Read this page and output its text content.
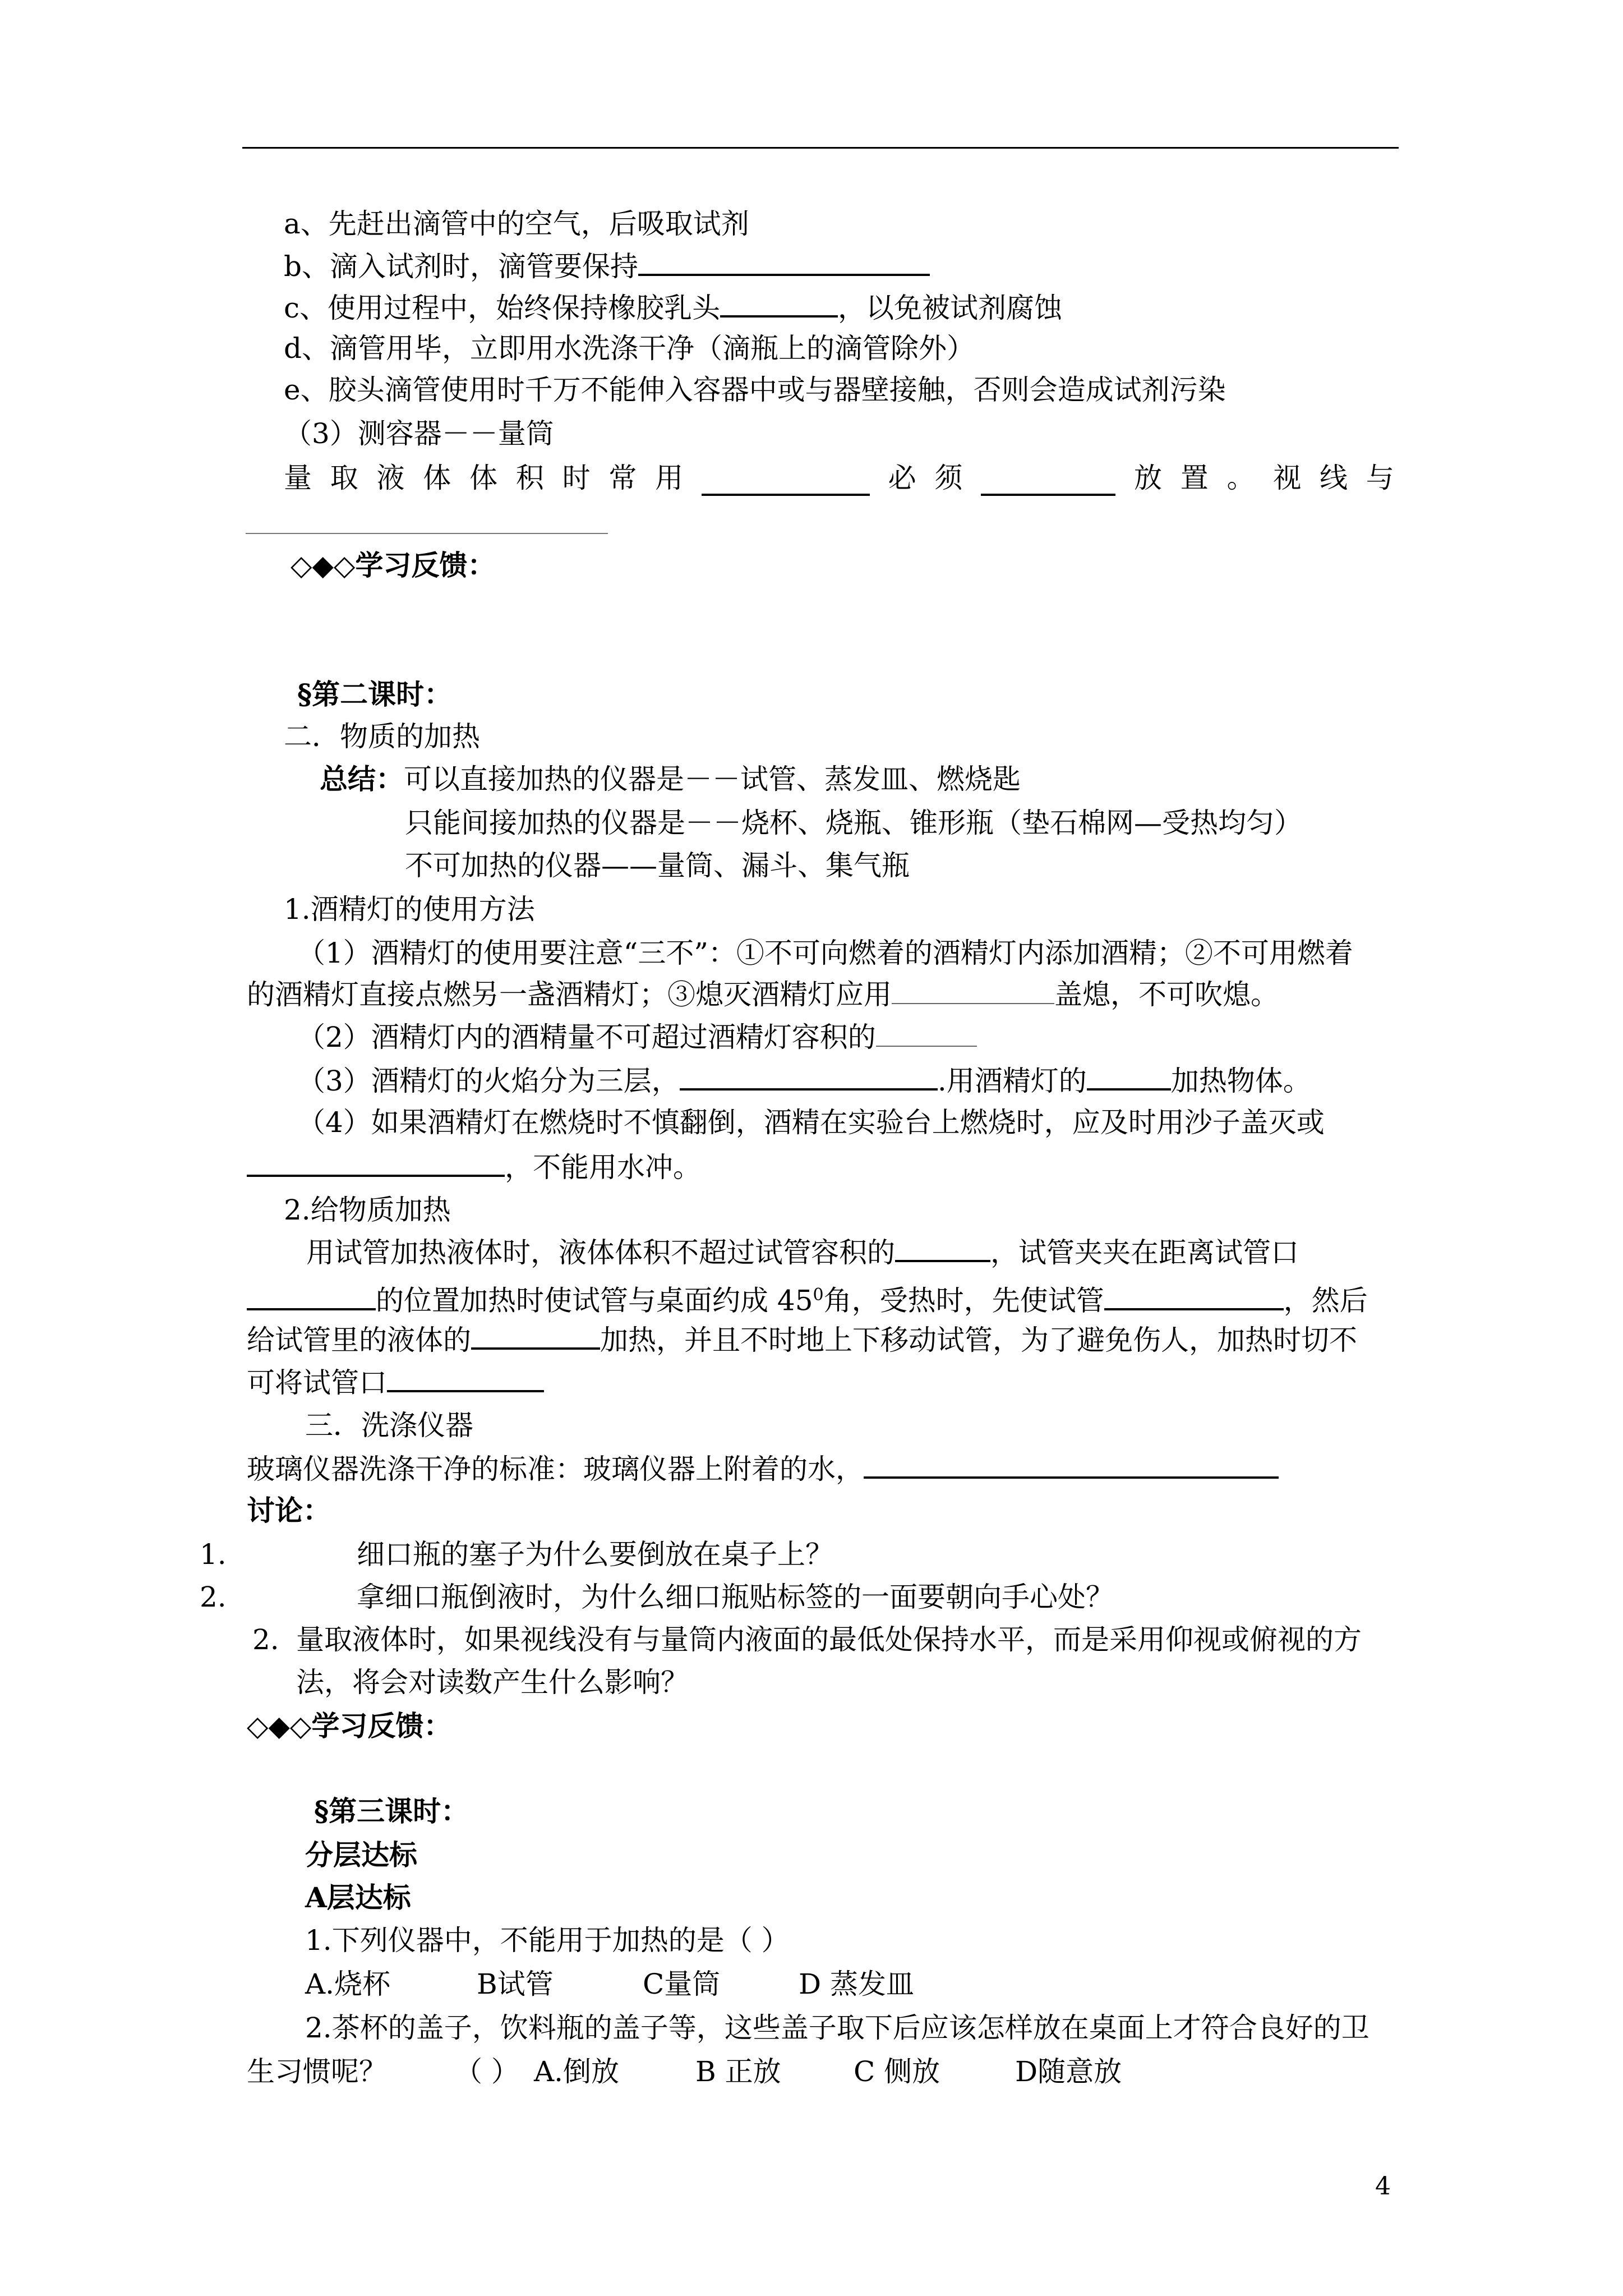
a、先赶出滴管中的空气，后吸取试剂
b、滴入试剂时，滴管要保持
c、使用过程中，始终保持橡胶乳头	，以免被试剂腐蚀
d、滴管用毕，立即用水洗涤干净（滴瓶上的滴管除外）
e、胶头滴管使用时千万不能伸入容器中或与器壁接触，否则会造成试剂污染
（3）测容器－－量筒
量 取 液 体 体 积 时 常 用	必 须	放 置 。 视 线 与
◇◆◇学习反馈：
§第二课时：
二．物质的加热
总结：可以直接加热的仪器是－－试管、蒸发皿、燃烧匙
只能间接加热的仪器是－－烧杯、烧瓶、锥形瓶（垫石棉网—受热均匀）
不可加热的仪器——量筒、漏斗、集气瓶
1.酒精灯的使用方法
（1）酒精灯的使用要注意“三不”：①不可向燃着的酒精灯内添加酒精；②不可用燃着
的酒精灯直接点燃另一盏酒精灯；③熄灭酒精灯应用	盖熄，不可吹熄。
（2）酒精灯内的酒精量不可超过酒精灯容积的
（3）酒精灯的火焰分为三层，	.用酒精灯的	加热物体。
（4）如果酒精灯在燃烧时不慎翻倒，酒精在实验台上燃烧时，应及时用沙子盖灭或
，不能用水冲。
2.给物质加热
用试管加热液体时，液体体积不超过试管容积的	，试管夹夹在距离试管口
的位置加热时使试管与桌面约成 $45^0$角，受热时，先使试管	，然后
给试管里的液体的	加热，并且不时地上下移动试管，为了避免伤人，加热时切不
可将试管口
三．洗涤仪器
玻璃仪器洗涤干净的标准：玻璃仪器上附着的水，
讨论：
1.	细口瓶的塞子为什么要倒放在桌子上？
2.	拿细口瓶倒液时，为什么细口瓶贴标签的一面要朝向手心处？
2. 量取液体时，如果视线没有与量筒内液面的最低处保持水平，而是采用仰视或俯视的方
法，将会对读数产生什么影响？
◇◆◇学习反馈：
§第三课时：
分层达标
A层达标
1.下列仪器中，不能用于加热的是（ ）
A.烧杯	B试管	C量筒	D 蒸发皿
2.茶杯的盖子，饮料瓶的盖子等，这些盖子取下后应该怎样放在桌面上才符合良好的卫
生习惯呢？ （ ） A.倒放	B 正放	C 侧放	D随意放
4
